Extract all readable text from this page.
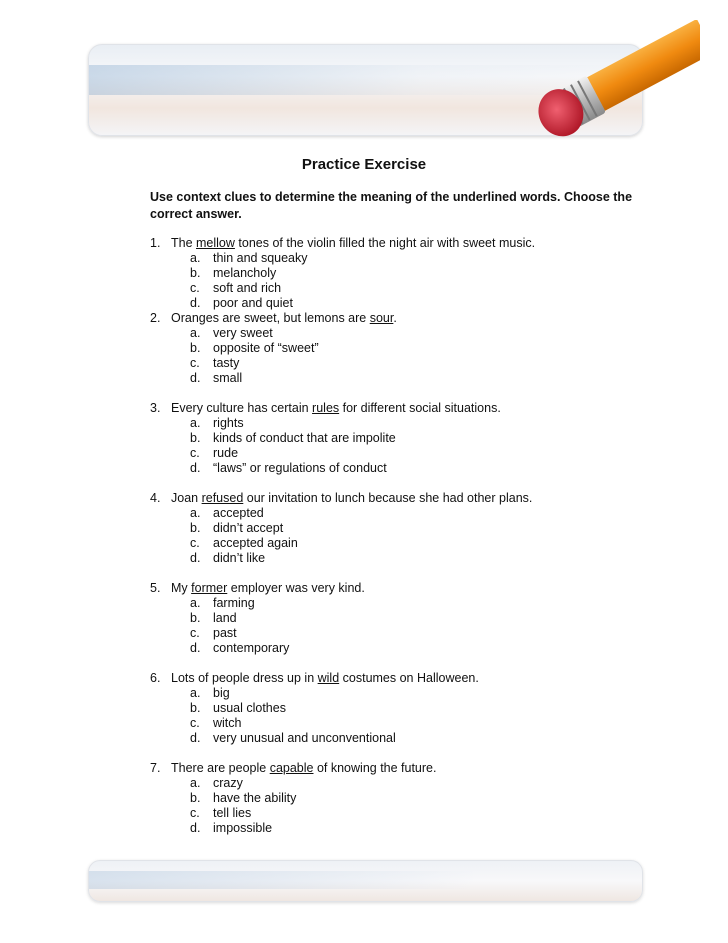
Practice Exercise
Use context clues to determine the meaning of the underlined words. Choose the correct answer.
1. The mellow tones of the violin filled the night air with sweet music.
a. thin and squeaky
b. melancholy
c. soft and rich
d. poor and quiet
2. Oranges are sweet, but lemons are sour.
a. very sweet
b. opposite of “sweet”
c. tasty
d. small
3. Every culture has certain rules for different social situations.
a. rights
b. kinds of conduct that are impolite
c. rude
d. “laws” or regulations of conduct
4. Joan refused our invitation to lunch because she had other plans.
a. accepted
b. didn’t accept
c. accepted again
d. didn’t like
5. My former employer was very kind.
a. farming
b. land
c. past
d. contemporary
6. Lots of people dress up in wild costumes on Halloween.
a. big
b. usual clothes
c. witch
d. very unusual and unconventional
7. There are people capable of knowing the future.
a. crazy
b. have the ability
c. tell lies
d. impossible
